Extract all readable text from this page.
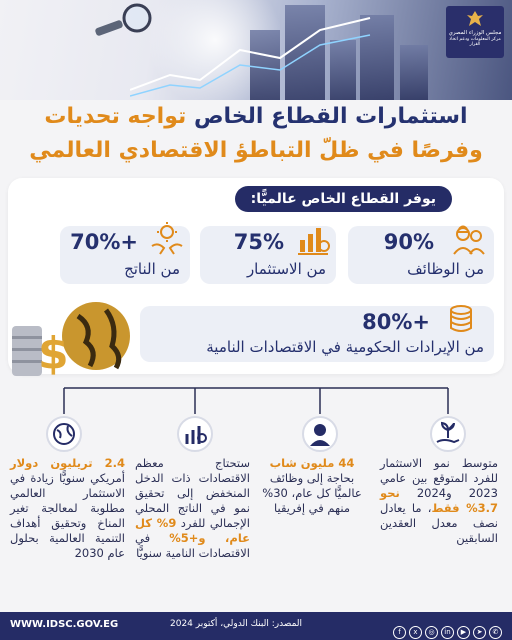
مجلس الوزراء المصري
مركز المعلومات ودعم اتخاذ القرار
استثمارات القطاع الخاص تواجه تحديات
وفرصًا في ظلّ التباطؤ الاقتصادي العالمي
يوفر القطاع الخاص عالميًّا:
90%
من الوظائف
75%
من الاستثمار
+70%
من الناتج
+80%
من الإيرادات الحكومية في الاقتصادات النامية
$
متوسط نمو الاستثمار للفرد المتوقع بين عامي 2023 و2024 نحو 3.7% فقط، ما يعادل نصف معدل العقدين السابقين
44 مليون شاب بحاجة إلى وظائف عالميًّا كل عام، 30% منهم في إفريقيا
ستحتاج معظم الاقتصادات ذات الدخل المنخفض إلى تحقيق نمو في الناتج المحلي الإجمالي للفرد 9% كل عام، و+5% في الاقتصادات النامية سنويًّا
2.4 تريليون دولار أمريكي سنويًّا زيادة في الاستثمار العالمي مطلوبة لمعالجة تغير المناخ وتحقيق أهداف التنمية العالمية بحلول عام 2030
WWW.IDSC.GOV.EG	المصدر: البنك الدولي، أكتوبر 2024
f x ◎ in ▶ ➤ ✆
